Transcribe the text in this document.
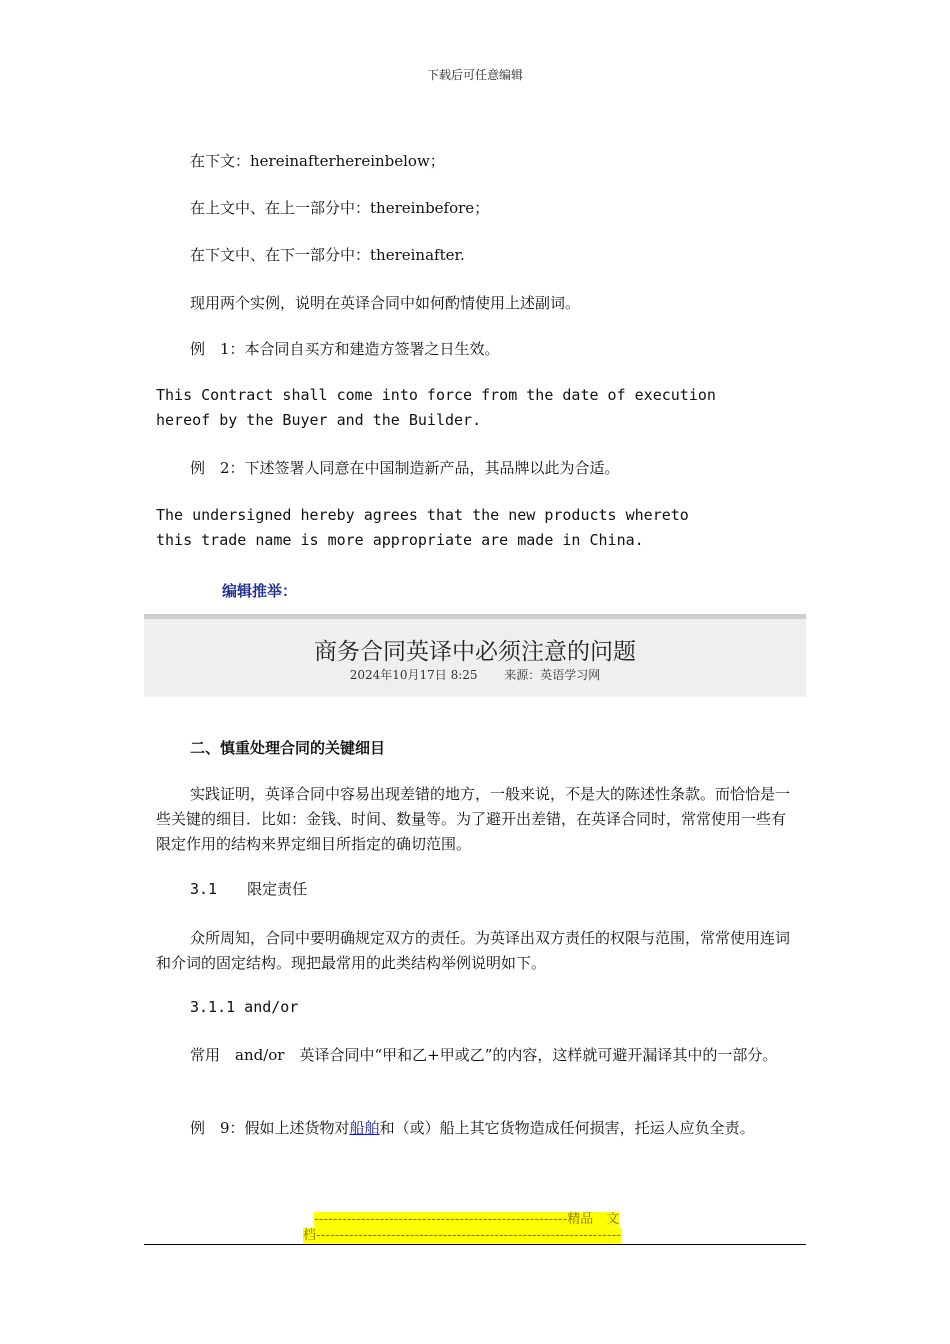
下载后可任意编辑

在下文：hereinafterhereinbelow；

在上文中、在上一部分中：thereinbefore；

在下文中、在下一部分中：thereinafter.

现用两个实例，说明在英译合同中如何酌情使用上述副词。

例　1：本合同自买方和建造方签署之日生效。

This Contract shall come into force from the date of execution

hereof by the Buyer and the Builder.

例　2：下述签署人同意在中国制造新产品，其品牌以此为合适。

The undersigned hereby agrees that the new products whereto

this trade name is more appropriate are made in China.

编辑推举：
商务合同英译中必须注意的问题
2024年10月17日 8:25 来源：英语学习网
二、慎重处理合同的关键细目

实践证明，英译合同中容易出现差错的地方，一般来说，不是大的陈述性条款。而恰恰是一些关键的细目．比如：金钱、时间、数量等。为了避开出差错，在英译合同时，常常使用一些有限定作用的结构来界定细目所指定的确切范围。

3.1　　限定责任

众所周知，合同中要明确规定双方的责任。为英译出双方责任的权限与范围，常常使用连词和介词的固定结构。现把最常用的此类结构举例说明如下。

3.1.1 and/or

常用　and/or　英译合同中“甲和乙+甲或乙”的内容，这样就可避开漏译其中的一部分。

例　9：假如上述货物对船舶和（或）船上其它货物造成任何损害，托运人应负全责。

------------------------------------------------------精品　文
档-----------------------------------------------------------------
